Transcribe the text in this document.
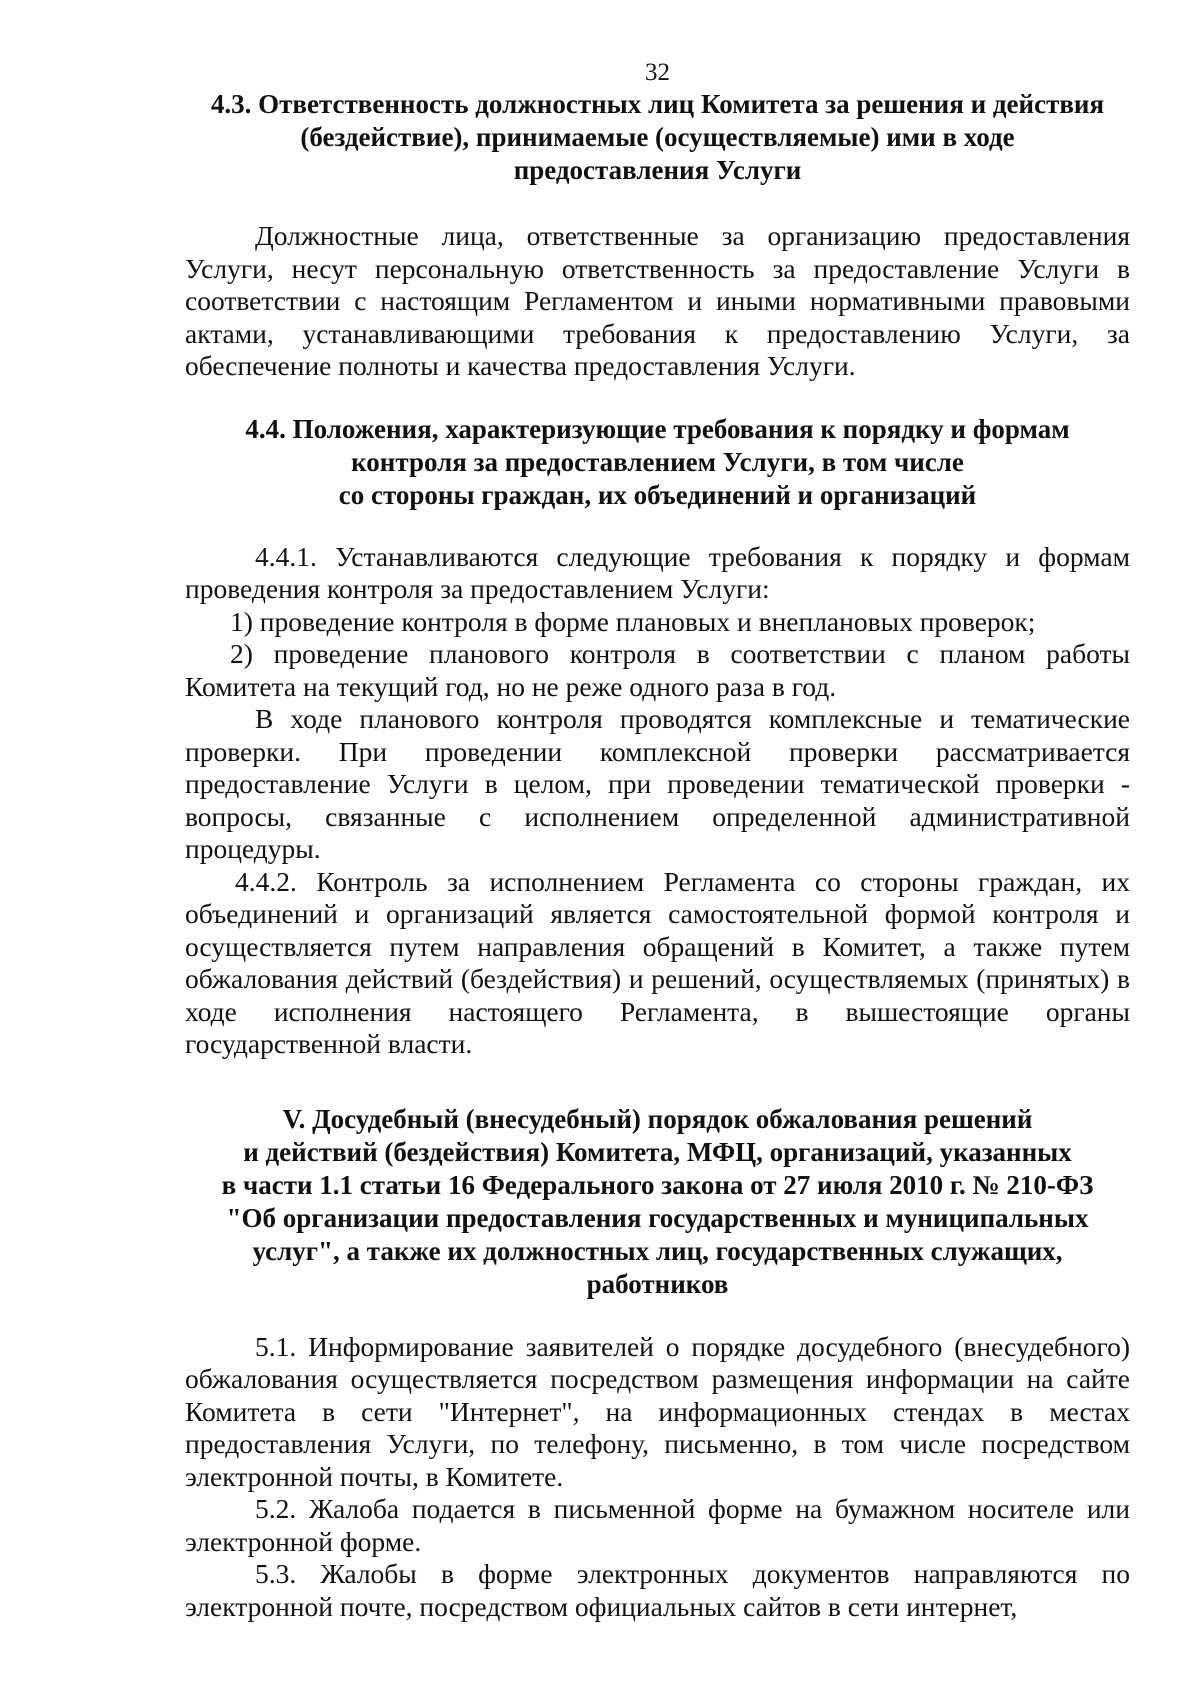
32

4.3. Ответственность должностных лиц Комитета за решения и действия
(бездействие), принимаемые (осуществляемые) ими в ходе
предоставления Услуги

Должностные лица, ответственные за организацию предоставления Услуги, несут персональную ответственность за предоставление Услуги в соответствии с настоящим Регламентом и иными нормативными правовыми актами, устанавливающими требования к предоставлению Услуги, за обеспечение полноты и качества предоставления Услуги.

4.4. Положения, характеризующие требования к порядку и формам
контроля за предоставлением Услуги, в том числе
со стороны граждан, их объединений и организаций

4.4.1. Устанавливаются следующие требования к порядку и формам проведения контроля за предоставлением Услуги:

1) проведение контроля в форме плановых и внеплановых проверок;

2) проведение планового контроля в соответствии с планом работы Комитета на текущий год, но не реже одного раза в год.

В ходе планового контроля проводятся комплексные и тематические проверки. При проведении комплексной проверки рассматривается предоставление Услуги в целом, при проведении тематической проверки - вопросы, связанные с исполнением определенной административной процедуры.

4.4.2. Контроль за исполнением Регламента со стороны граждан, их объединений и организаций является самостоятельной формой контроля и осуществляется путем направления обращений в Комитет, а также путем обжалования действий (бездействия) и решений, осуществляемых (принятых) в ходе исполнения настоящего Регламента, в вышестоящие органы государственной власти.

V. Досудебный (внесудебный) порядок обжалования решений
и действий (бездействия) Комитета, МФЦ, организаций, указанных
в части 1.1 статьи 16 Федерального закона от 27 июля 2010 г. № 210-ФЗ
"Об организации предоставления государственных и муниципальных
услуг", а также их должностных лиц, государственных служащих,
работников

5.1. Информирование заявителей о порядке досудебного (внесудебного) обжалования осуществляется посредством размещения информации на сайте Комитета в сети "Интернет", на информационных стендах в местах предоставления Услуги, по телефону, письменно, в том числе посредством электронной почты, в Комитете.

5.2. Жалоба подается в письменной форме на бумажном носителе или электронной форме.

5.3. Жалобы в форме электронных документов направляются по электронной почте, посредством официальных сайтов в сети интернет,
